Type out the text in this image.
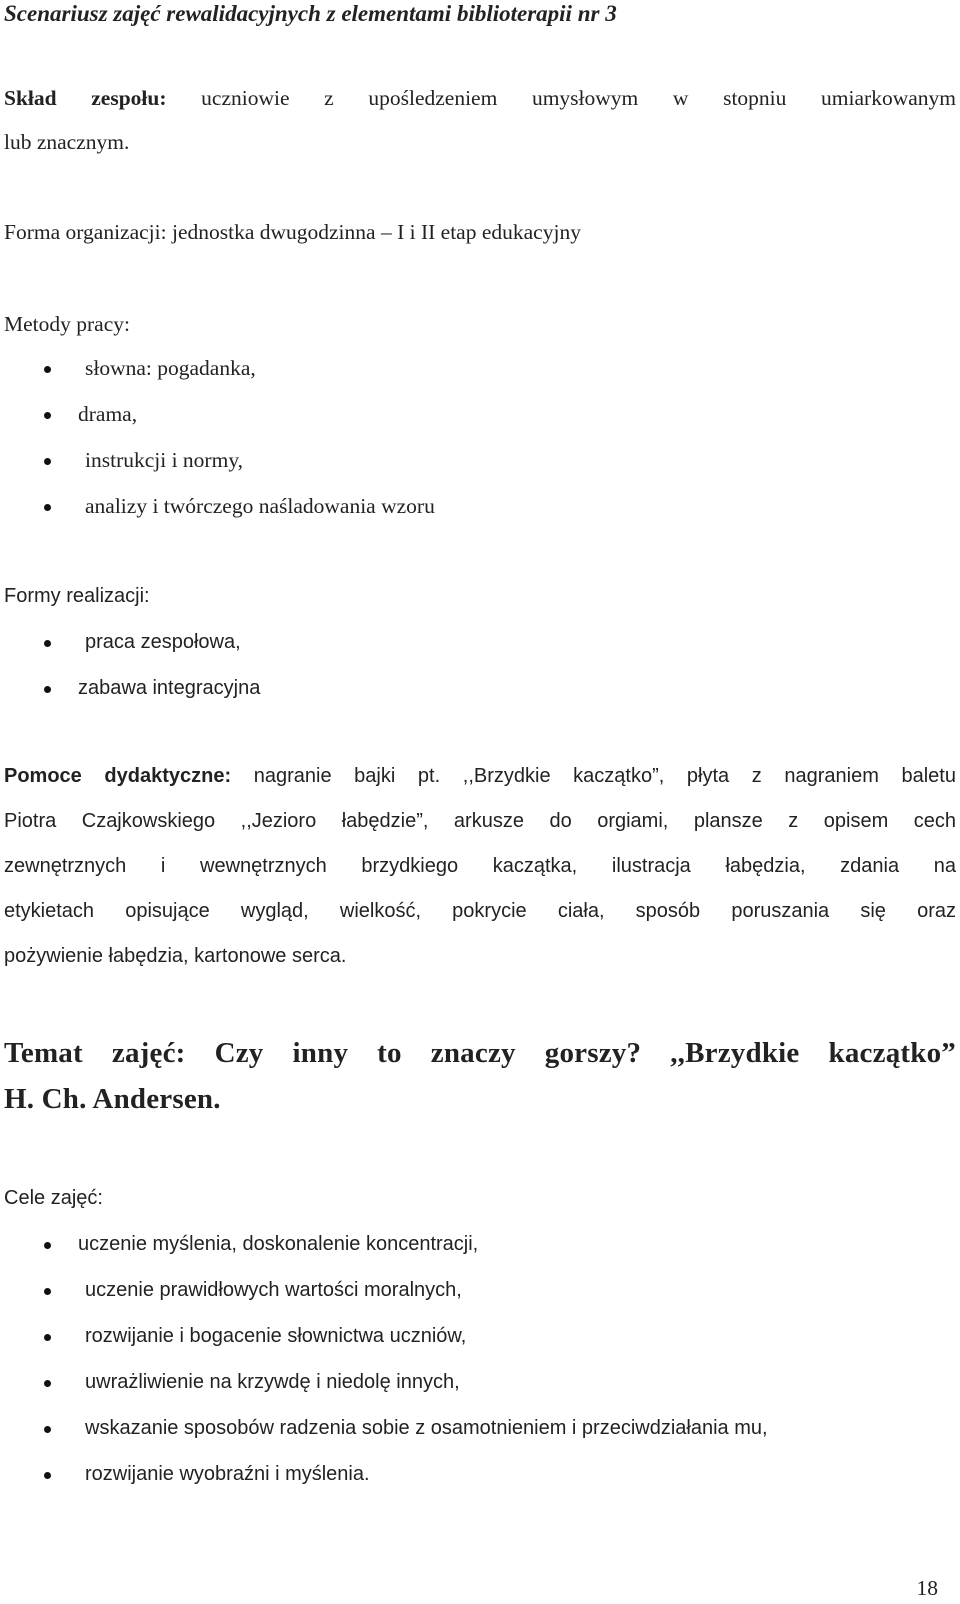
Scenariusz zajęć rewalidacyjnych z elementami biblioterapii nr 3
Skład zespołu: uczniowie z upośledzeniem umysłowym w stopniu umiarkowanym
lub znacznym.
Forma organizacji: jednostka dwugodzinna – I i II etap edukacyjny
Metody pracy:
słowna: pogadanka,
drama,
instrukcji i normy,
analizy i twórczego naśladowania wzoru
Formy realizacji:
praca zespołowa,
zabawa integracyjna
Pomoce dydaktyczne: nagranie bajki pt. ,,Brzydkie kaczątko”, płyta z nagraniem baletu
Piotra Czajkowskiego ,,Jezioro łabędzie”, arkusze do orgiami, plansze z opisem cech
zewnętrznych i wewnętrznych brzydkiego kaczątka, ilustracja łabędzia, zdania na
etykietach opisujące wygląd, wielkość, pokrycie ciała, sposób poruszania się oraz
pożywienie łabędzia, kartonowe serca.
Temat zajęć: Czy inny to znaczy gorszy? ,,Brzydkie kaczątko”
H. Ch. Andersen.
Cele zajęć:
uczenie myślenia, doskonalenie koncentracji,
uczenie prawidłowych wartości moralnych,
rozwijanie i bogacenie słownictwa uczniów,
uwrażliwienie na krzywdę i niedolę innych,
wskazanie sposobów radzenia sobie z osamotnieniem i przeciwdziałania mu,
rozwijanie wyobraźni i myślenia.
18
